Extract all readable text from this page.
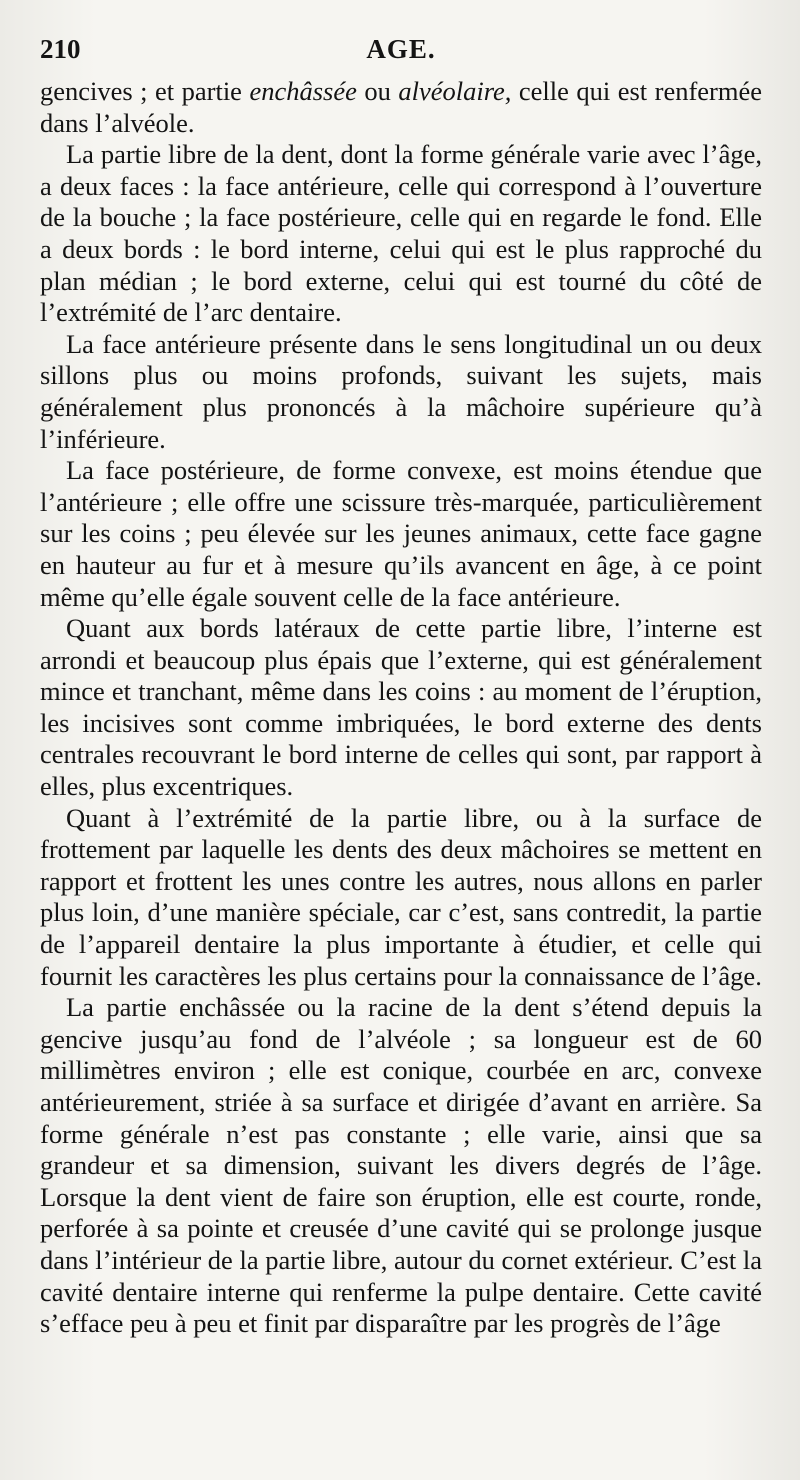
210	AGE.

gencives ; et partie enchâssée ou alvéolaire, celle qui est renfermée dans l’alvéole.

La partie libre de la dent, dont la forme générale varie avec l’âge, a deux faces : la face antérieure, celle qui correspond à l’ouverture de la bouche ; la face postérieure, celle qui en regarde le fond. Elle a deux bords : le bord interne, celui qui est le plus rapproché du plan médian ; le bord externe, celui qui est tourné du côté de l’extrémité de l’arc dentaire.

La face antérieure présente dans le sens longitudinal un ou deux sillons plus ou moins profonds, suivant les sujets, mais généralement plus prononcés à la mâchoire supérieure qu’à l’inférieure.

La face postérieure, de forme convexe, est moins étendue que l’antérieure ; elle offre une scissure très-marquée, particulièrement sur les coins ; peu élevée sur les jeunes animaux, cette face gagne en hauteur au fur et à mesure qu’ils avancent en âge, à ce point même qu’elle égale souvent celle de la face antérieure.

Quant aux bords latéraux de cette partie libre, l’interne est arrondi et beaucoup plus épais que l’externe, qui est généralement mince et tranchant, même dans les coins : au moment de l’éruption, les incisives sont comme imbriquées, le bord externe des dents centrales recouvrant le bord interne de celles qui sont, par rapport à elles, plus excentriques.

Quant à l’extrémité de la partie libre, ou à la surface de frottement par laquelle les dents des deux mâchoires se mettent en rapport et frottent les unes contre les autres, nous allons en parler plus loin, d’une manière spéciale, car c’est, sans contredit, la partie de l’appareil dentaire la plus importante à étudier, et celle qui fournit les caractères les plus certains pour la connaissance de l’âge.

La partie enchâssée ou la racine de la dent s’étend depuis la gencive jusqu’au fond de l’alvéole ; sa longueur est de 60 millimètres environ ; elle est conique, courbée en arc, convexe antérieurement, striée à sa surface et dirigée d’avant en arrière. Sa forme générale n’est pas constante ; elle varie, ainsi que sa grandeur et sa dimension, suivant les divers degrés de l’âge. Lorsque la dent vient de faire son éruption, elle est courte, ronde, perforée à sa pointe et creusée d’une cavité qui se prolonge jusque dans l’intérieur de la partie libre, autour du cornet extérieur. C’est la cavité dentaire interne qui renferme la pulpe dentaire. Cette cavité s’efface peu à peu et finit par disparaître par les progrès de l’âge
